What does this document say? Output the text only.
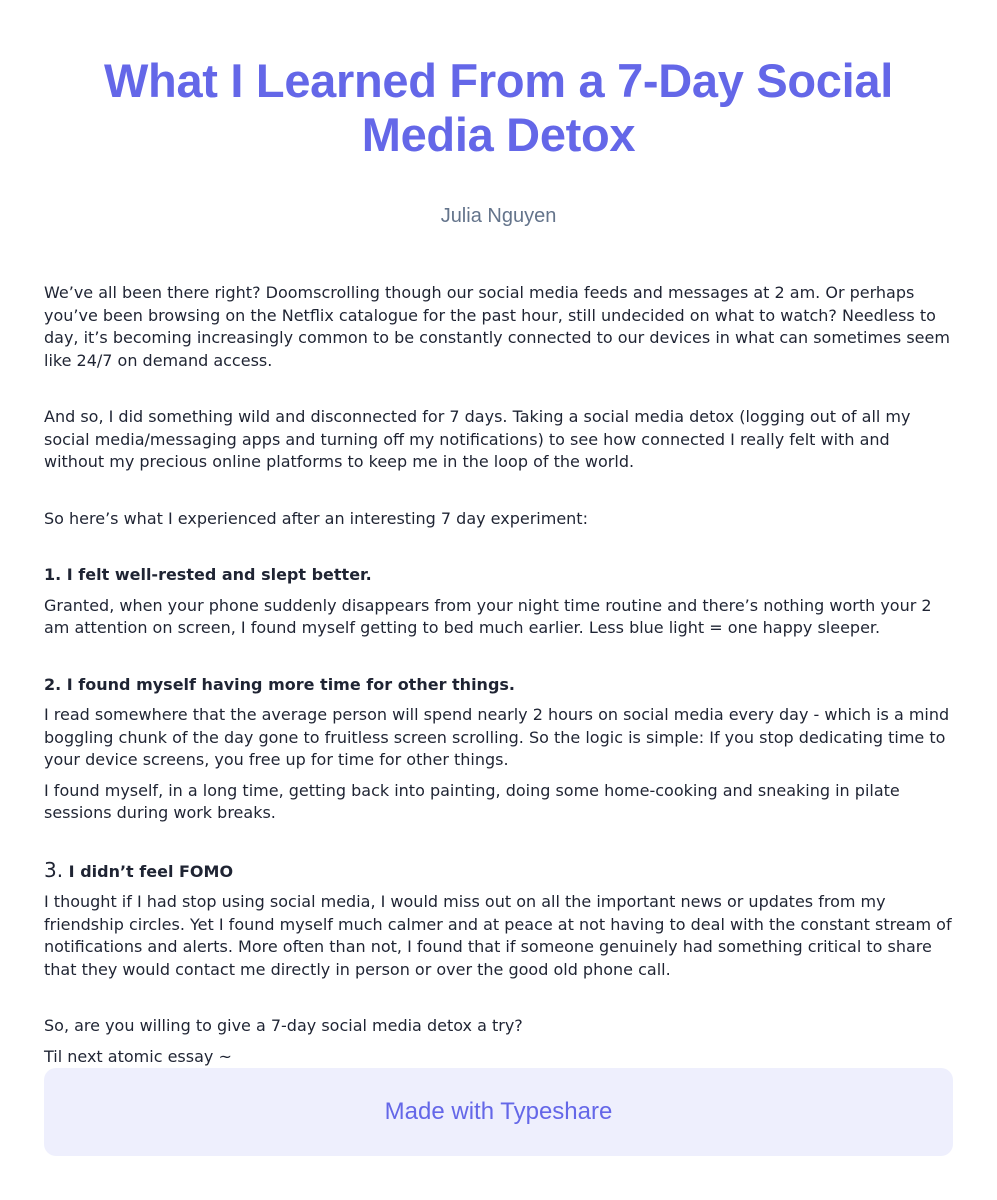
What I Learned From a 7-Day Social Media Detox
Julia Nguyen

We’ve all been there right? Doomscrolling though our social media feeds and messages at 2 am. Or perhaps you’ve been browsing on the Netflix catalogue for the past hour, still undecided on what to watch? Needless to day, it’s becoming increasingly common to be constantly connected to our devices in what can sometimes seem like 24/7 on demand access.

And so, I did something wild and disconnected for 7 days. Taking a social media detox (logging out of all my social media/messaging apps and turning off my notifications) to see how connected I really felt with and without my precious online platforms to keep me in the loop of the world.

So here’s what I experienced after an interesting 7 day experiment:

1. I felt well-rested and slept better.

Granted, when your phone suddenly disappears from your night time routine and there’s nothing worth your 2 am attention on screen, I found myself getting to bed much earlier. Less blue light = one happy sleeper.

2. I found myself having more time for other things.

I read somewhere that the average person will spend nearly 2 hours on social media every day - which is a mind boggling chunk of the day gone to fruitless screen scrolling. So the logic is simple: If you stop dedicating time to your device screens, you free up for time for other things.

I found myself, in a long time, getting back into painting, doing some home-cooking and sneaking in pilate sessions during work breaks.

3. I didn’t feel FOMO

I thought if I had stop using social media, I would miss out on all the important news or updates from my friendship circles. Yet I found myself much calmer and at peace at not having to deal with the constant stream of notifications and alerts. More often than not, I found that if someone genuinely had something critical to share that they would contact me directly in person or over the good old phone call.

So, are you willing to give a 7-day social media detox a try?

Til next atomic essay ~

Made with Typeshare
